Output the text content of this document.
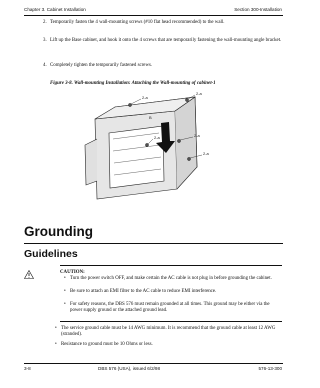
Chapter 3. Cabinet Installation	Section 300-Installation
2. Temporarily fasten the 4 wall-mounting screws (#10 flat head recommended) to the wall.
3. Lift up the Base cabinet, and hook it onto the 4 screws that are temporarily fastening the wall-mounting angle bracket.
4. Completely tighten the temporarily fastened screws.
Figure 3-8. Wall-mounting Installation: Attaching the Wall-mounting of cabinet-1
2-a
2-a
2-a	2-a
2-a
B
Grounding
Guidelines
CAUTION:
• Turn the power switch OFF, and make certain the AC cable is not plug in before grounding the cabinet.
• Be sure to attach an EMI filter to the AC cable to reduce EMI interference.
• For safety reasons, the DBS 576 must remain grounded at all times. This ground may be either via the power supply ground or the attached ground lead.
• The service ground cable must be 14 AWG minimum. It is recommend that the ground cable at least 12 AWG (stranded).
• Resistance to ground must be 10 Ohms or less.
3-8	DBS 576 (USA), issued 6/2/98	576-13-300
